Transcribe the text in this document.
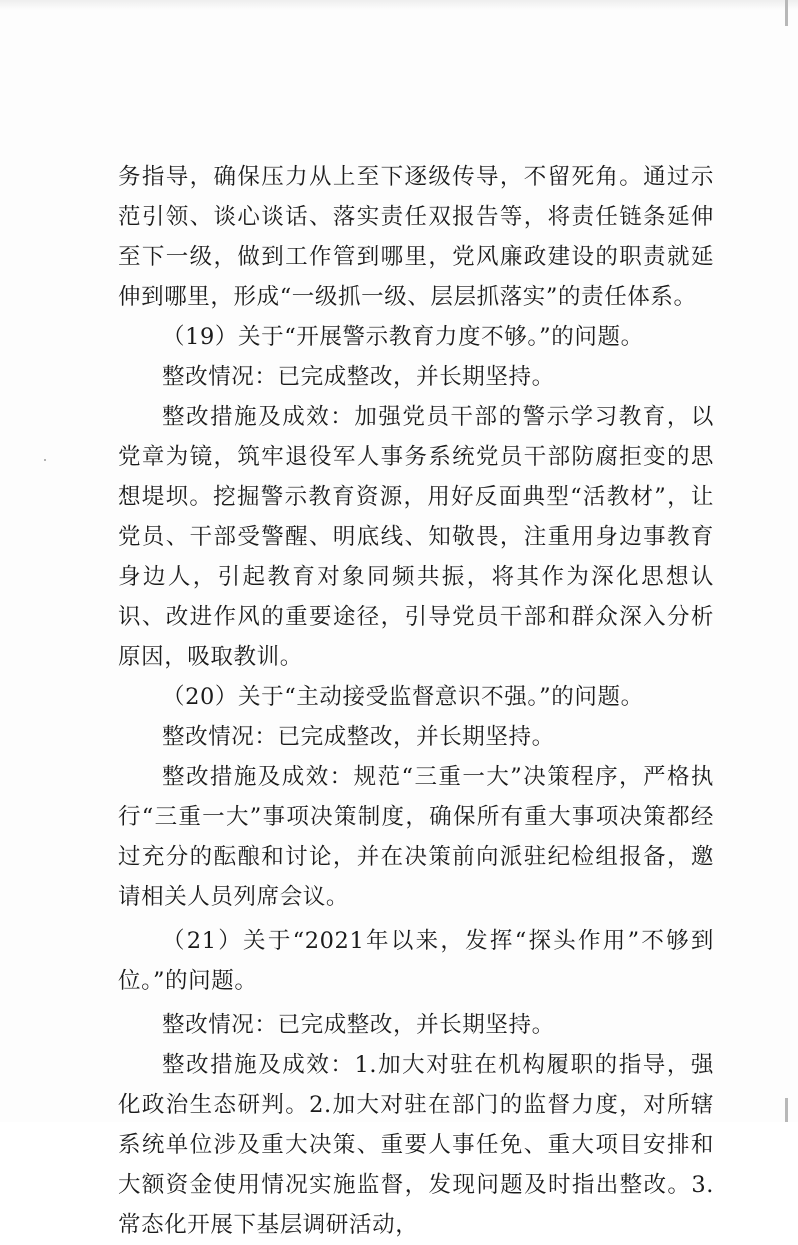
务指导，确保压力从上至下逐级传导，不留死角。通过示范引领、谈心谈话、落实责任双报告等，将责任链条延伸至下一级，做到工作管到哪里，党风廉政建设的职责就延伸到哪里，形成“一级抓一级、层层抓落实”的责任体系。

（19）关于“开展警示教育力度不够。”的问题。

整改情况：已完成整改，并长期坚持。

整改措施及成效：加强党员干部的警示学习教育，以党章为镜，筑牢退役军人事务系统党员干部防腐拒变的思想堤坝。挖掘警示教育资源，用好反面典型“活教材”，让党员、干部受警醒、明底线、知敬畏，注重用身边事教育身边人，引起教育对象同频共振，将其作为深化思想认识、改进作风的重要途径，引导党员干部和群众深入分析原因，吸取教训。

（20）关于“主动接受监督意识不强。”的问题。

整改情况：已完成整改，并长期坚持。

整改措施及成效：规范“三重一大”决策程序，严格执行“三重一大”事项决策制度，确保所有重大事项决策都经过充分的酝酿和讨论，并在决策前向派驻纪检组报备，邀请相关人员列席会议。

（21）关于“2021年以来，发挥“探头作用”不够到位。”的问题。

整改情况：已完成整改，并长期坚持。

整改措施及成效：1.加大对驻在机构履职的指导，强化政治生态研判。2.加大对驻在部门的监督力度，对所辖系统单位涉及重大决策、重要人事任免、重大项目安排和大额资金使用情况实施监督，发现问题及时指出整改。3.常态化开展下基层调研活动，
